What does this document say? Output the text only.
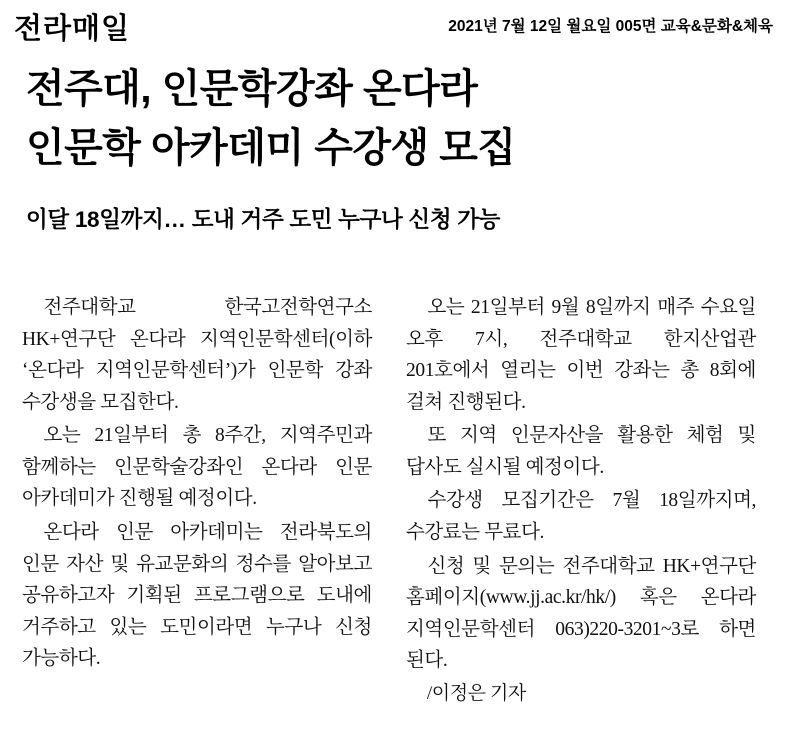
전라매일	2021년 7월 12일 월요일 005면 교육&문화&체육
전주대, 인문학강좌 온다라
인문학 아카데미 수강생 모집
이달 18일까지… 도내 거주 도민 누구나 신청 가능

전주대학교 한국고전학연구소 HK+연구단 온다라 지역인문학센터(이하 ‘온다라 지역인문학센터’)가 인문학 강좌 수강생을 모집한다.

오는 21일부터 총 8주간, 지역주민과 함께하는 인문학술강좌인 온다라 인문 아카데미가 진행될 예정이다.

온다라 인문 아카데미는 전라북도의 인문 자산 및 유교문화의 정수를 알아보고 공유하고자 기획된 프로그램으로 도내에 거주하고 있는 도민이라면 누구나 신청 가능하다.

오는 21일부터 9월 8일까지 매주 수요일 오후 7시, 전주대학교 한지산업관 201호에서 열리는 이번 강좌는 총 8회에 걸쳐 진행된다.

또 지역 인문자산을 활용한 체험 및 답사도 실시될 예정이다.

수강생 모집기간은 7월 18일까지며, 수강료는 무료다.

신청 및 문의는 전주대학교 HK+연구단 홈페이지(www.jj.ac.kr/hk/) 혹은 온다라 지역인문학센터 063)220-3201~3로 하면 된다.

/이정은 기자
